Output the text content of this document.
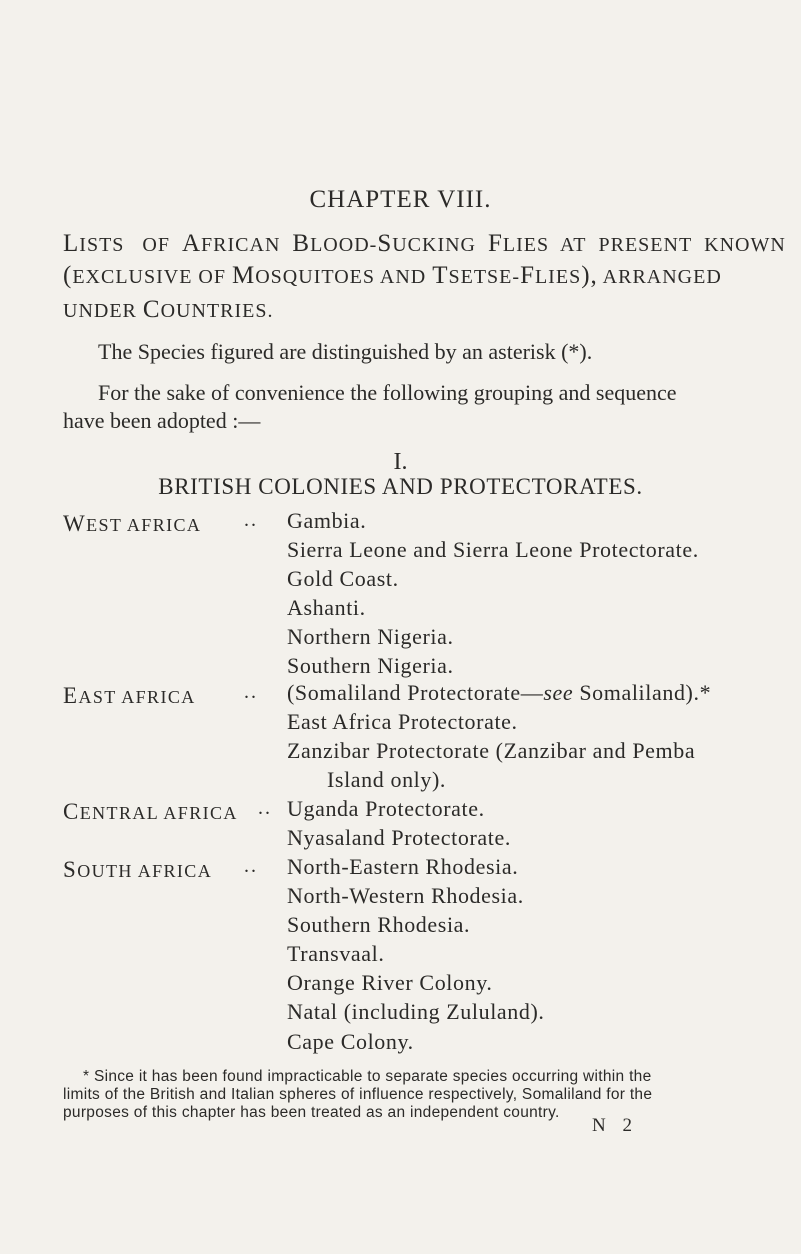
CHAPTER VIII.
LISTS OF AFRICAN BLOOD-SUCKING FLIES AT PRESENT KNOWN
(EXCLUSIVE OF MOSQUITOES AND TSETSE-FLIES), ARRANGED
UNDER COUNTRIES.
The Species figured are distinguished by an asterisk (*).
For the sake of convenience the following grouping and sequence
have been adopted :—
I.
BRITISH COLONIES AND PROTECTORATES.
WEST AFRICA .. Gambia.
Sierra Leone and Sierra Leone Protectorate.
Gold Coast.
Ashanti.
Northern Nigeria.
Southern Nigeria.
EAST AFRICA .. (Somaliland Protectorate—see Somaliland).*
East Africa Protectorate.
Zanzibar Protectorate (Zanzibar and Pemba
Island only).
CENTRAL AFRICA .. Uganda Protectorate.
Nyasaland Protectorate.
SOUTH AFRICA .. North-Eastern Rhodesia.
North-Western Rhodesia.
Southern Rhodesia.
Transvaal.
Orange River Colony.
Natal (including Zululand).
Cape Colony.
* Since it has been found impracticable to separate species occurring within the
limits of the British and Italian spheres of influence respectively, Somaliland for the
purposes of this chapter has been treated as an independent country.
N 2
